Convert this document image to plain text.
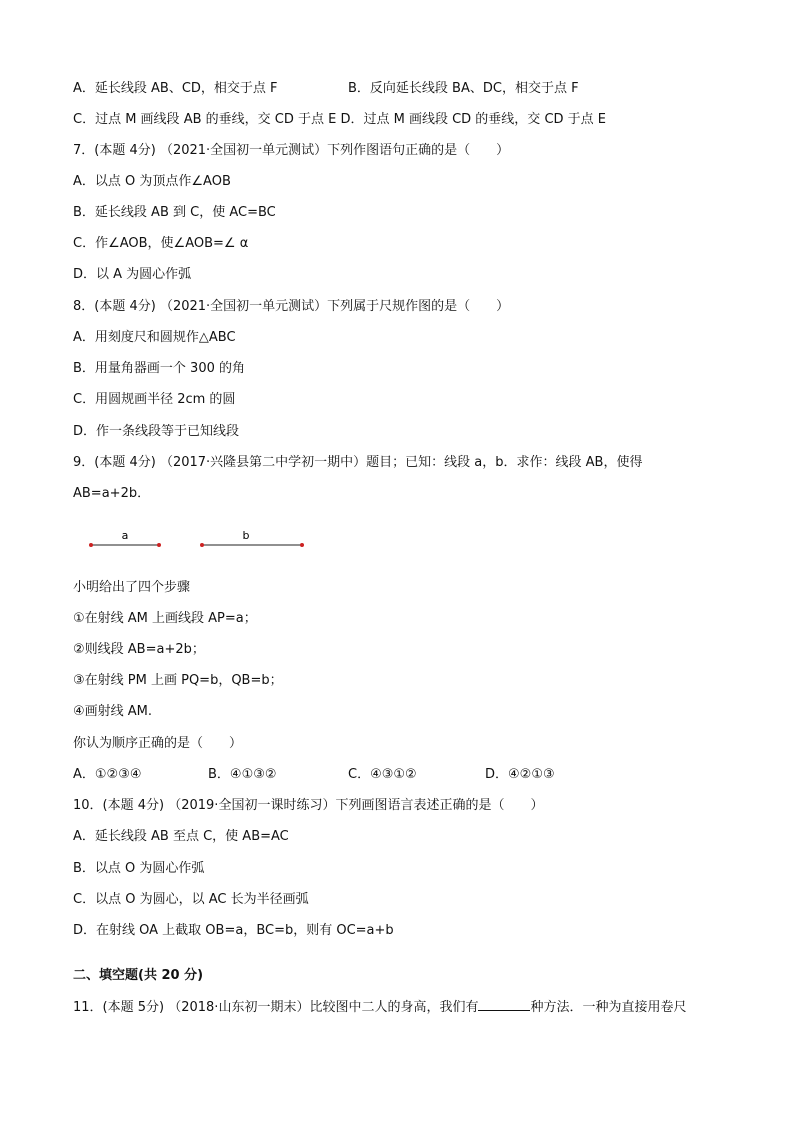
A．延长线段 AB、CD，相交于点 F	B．反向延长线段 BA、DC，相交于点 F
C．过点 M 画线段 AB 的垂线，交 CD 于点 E D．过点 M 画线段 CD 的垂线，交 CD 于点 E
7．(本题 4分) （2021·全国初一单元测试）下列作图语句正确的是（　　）
A．以点 O 为顶点作∠AOB
B．延长线段 AB 到 C，使 AC=BC
C．作∠AOB，使∠AOB=∠ α
D．以 A 为圆心作弧
8．(本题 4分) （2021·全国初一单元测试）下列属于尺规作图的是（　　）
A．用刻度尺和圆规作△ABC
B．用量角器画一个 300 的角
C．用圆规画半径 2cm 的圆
D．作一条线段等于已知线段
9．(本题 4分) （2017·兴隆县第二中学初一期中）题目；已知：线段 a，b．求作：线段 AB，使得
AB=a+2b．
a	b
小明给出了四个步骤
①在射线 AM 上画线段 AP=a；
②则线段 AB=a+2b；
③在射线 PM 上画 PQ=b，QB=b；
④画射线 AM.
你认为顺序正确的是（　　）
A．①②③④	B．④①③②	C．④③①②	D．④②①③
10．(本题 4分) （2019·全国初一课时练习）下列画图语言表述正确的是（　　）
A．延长线段 AB 至点 C，使 AB=AC
B．以点 O 为圆心作弧
C．以点 O 为圆心，以 AC 长为半径画弧
D．在射线 OA 上截取 OB=a，BC=b，则有 OC=a+b
二、填空题(共 20 分)
11．(本题 5分) （2018·山东初一期末）比较图中二人的身高，我们有	种方法．一种为直接用卷尺
